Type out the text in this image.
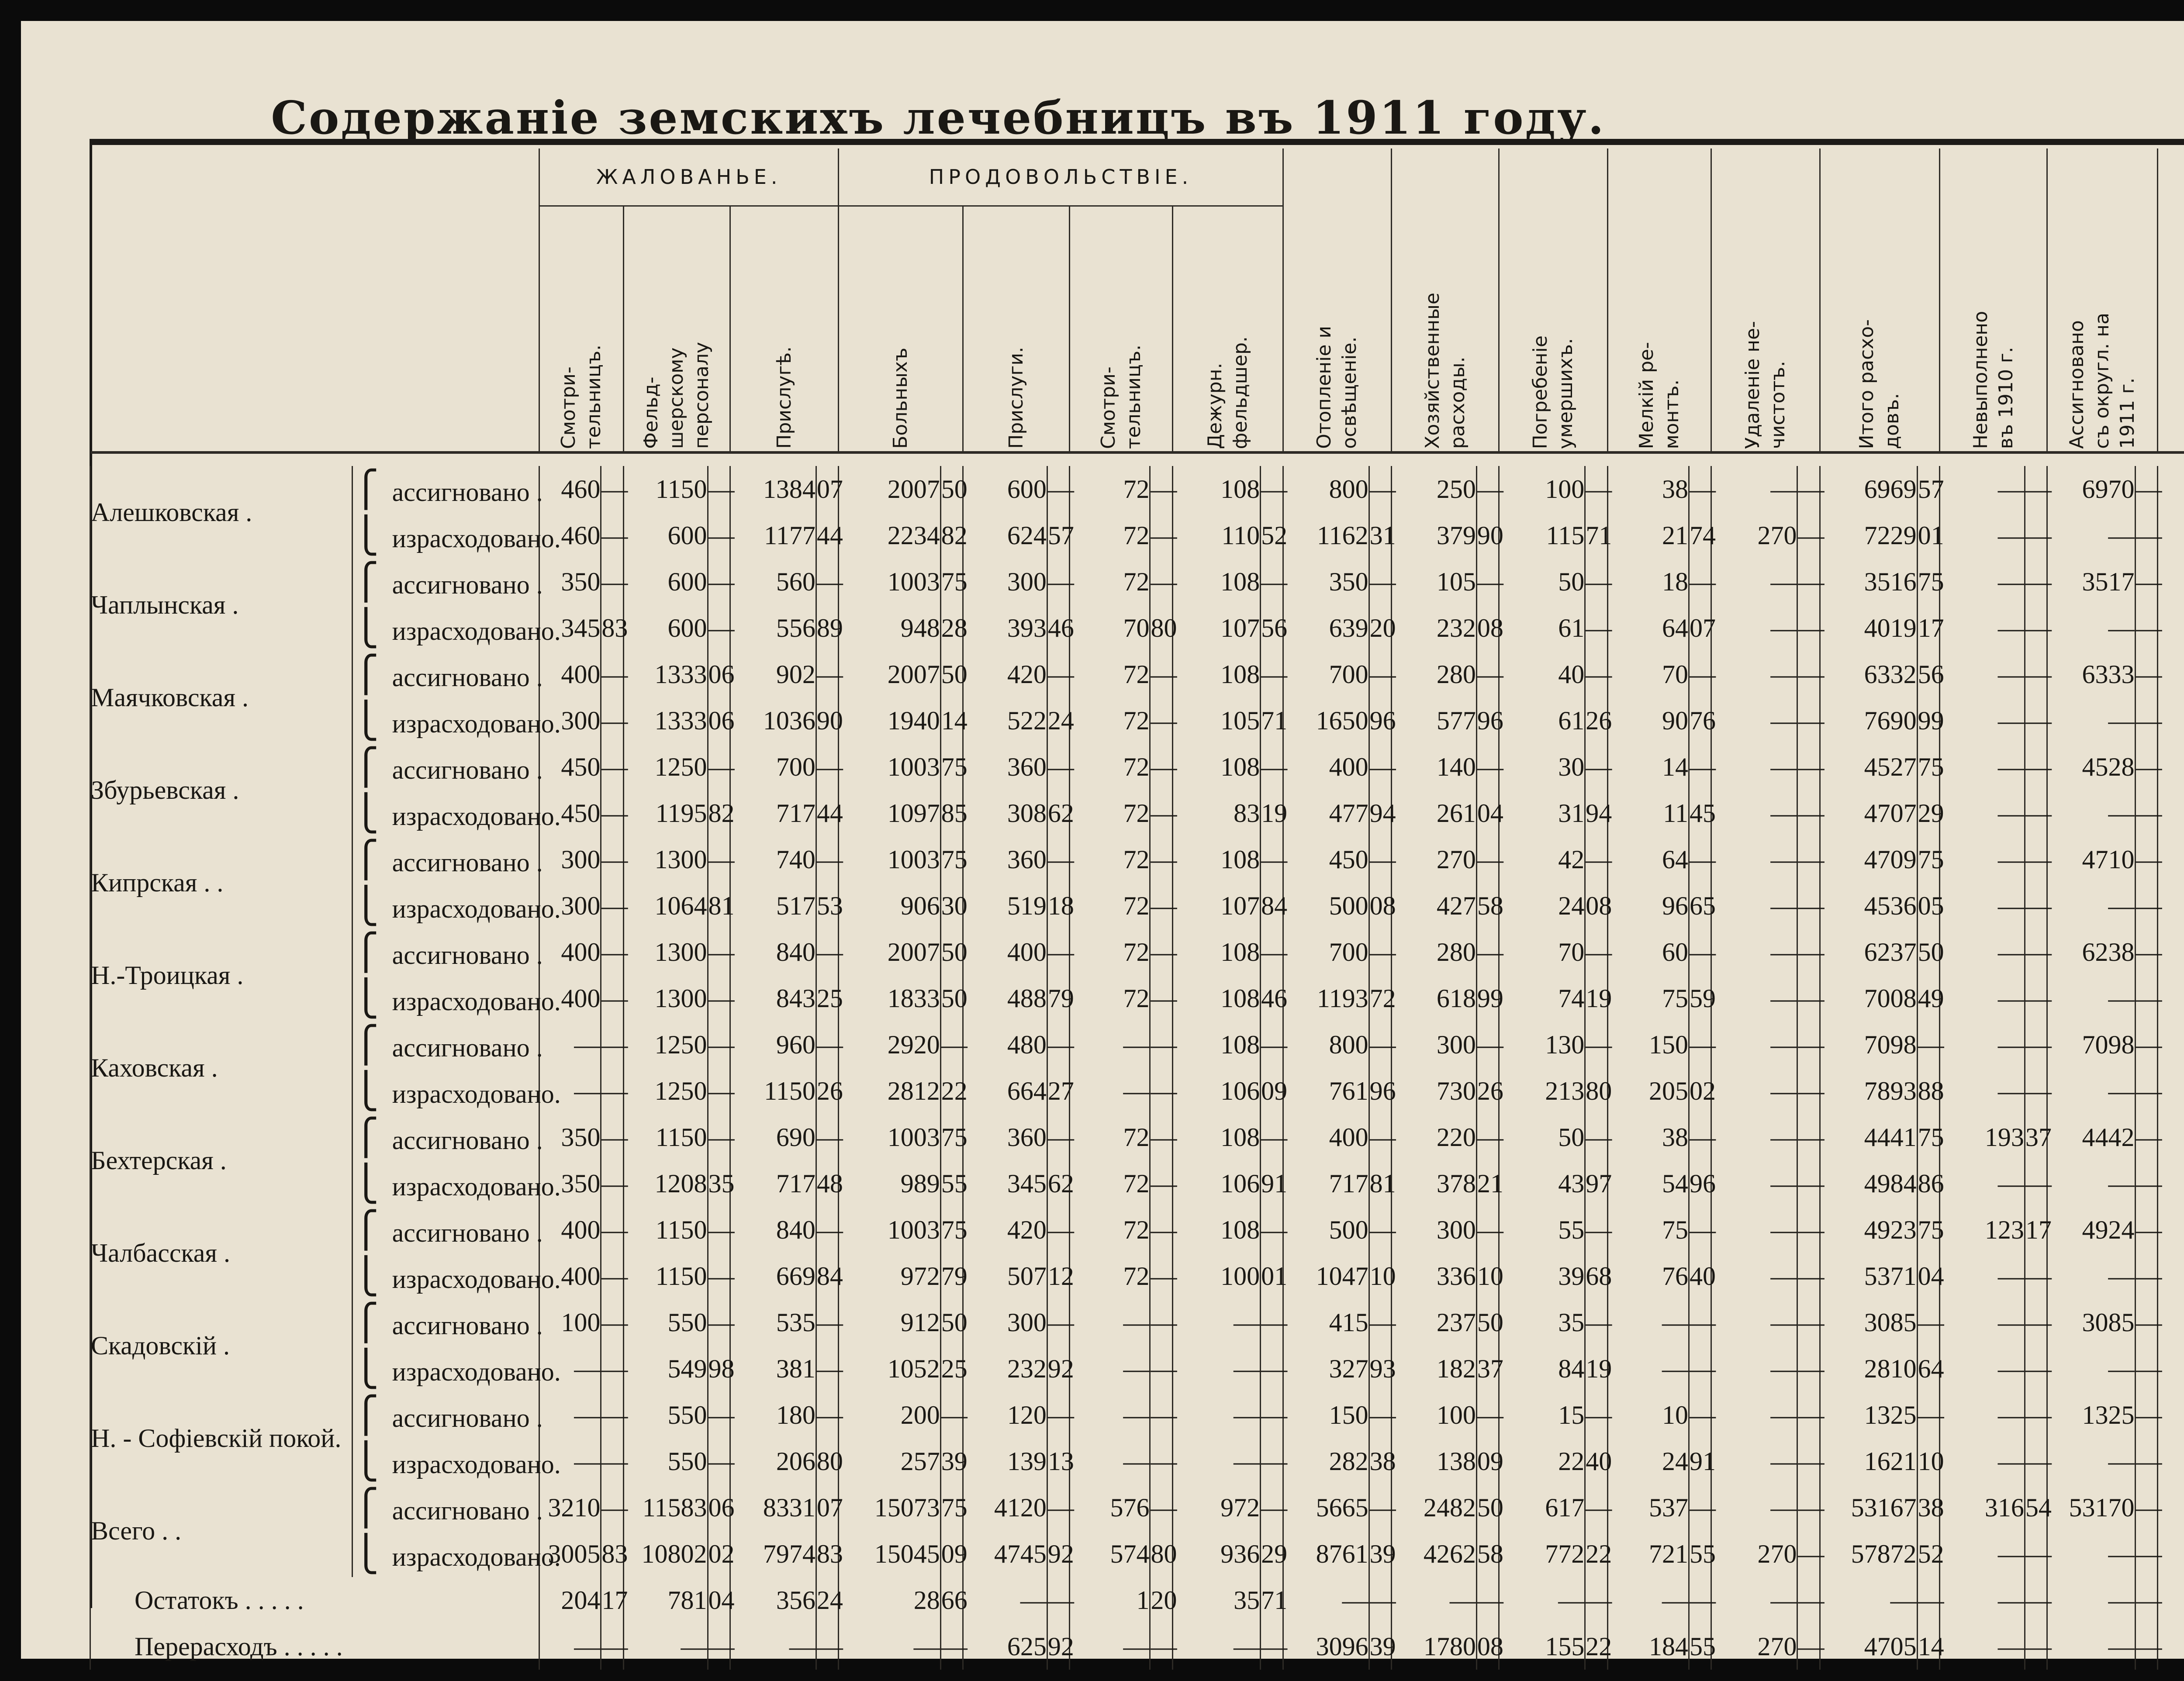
Содержаніе земскихъ лечебницъ въ 1911 году.
		ЖАЛОВАНЬЕ.						ПРОДОВОЛЬСТВІЕ.								Отопленіе и
освѣщеніе.		Хозяйственные
расходы.		Погребеніе
умершихъ.		Мелкій ре-
монтъ.		Удаленіе не-
чистотъ.		Итого расхо-
довъ.		Невыполнено
въ 1910 г.		Ассигновано
съ округл. на
1911 г.			
		Смотри-
тельницъ.		Фельд-
шерскому
персоналу		Прислугѣ.		Больныхъ		Прислуги.		Смотри-
тельницъ.		Дежурн.
фельдшер.																							

Алешковская .	⎧ ассигновано .	460	—	1150	—	1384	07	2007	50	600	—	72	—	108	—	800	—	250	—	100	—	38	—	—	—	6969	57	—	—	6970	—						
	⎩ израсходовано.	460	—	600	—	1177	44	2234	82	624	57	72	—	110	52	1162	31	379	90	115	71	21	74	270	—	7229	01	—	—	—	—						
Чаплынская .	⎧ ассигновано .	350	—	600	—	560	—	1003	75	300	—	72	—	108	—	350	—	105	—	50	—	18	—	—	—	3516	75	—	—	3517	—						
	⎩ израсходовано.	345	83	600	—	556	89	948	28	393	46	70	80	107	56	639	20	232	08	61	—	64	07	—	—	4019	17	—	—	—	—						
Маячковская .	⎧ ассигновано .	400	—	1333	06	902	—	2007	50	420	—	72	—	108	—	700	—	280	—	40	—	70	—	—	—	6332	56	—	—	6333	—						
	⎩ израсходовано.	300	—	1333	06	1036	90	1940	14	522	24	72	—	105	71	1650	96	577	96	61	26	90	76	—	—	7690	99	—	—	—	—						
Збурьевская .	⎧ ассигновано .	450	—	1250	—	700	—	1003	75	360	—	72	—	108	—	400	—	140	—	30	—	14	—	—	—	4527	75	—	—	4528	—						
	⎩ израсходовано.	450	—	1195	82	717	44	1097	85	308	62	72	—	83	19	477	94	261	04	31	94	11	45	—	—	4707	29	—	—	—	—						
Кипрская . .	⎧ ассигновано .	300	—	1300	—	740	—	1003	75	360	—	72	—	108	—	450	—	270	—	42	—	64	—	—	—	4709	75	—	—	4710	—						
	⎩ израсходовано.	300	—	1064	81	517	53	906	30	519	18	72	—	107	84	500	08	427	58	24	08	96	65	—	—	4536	05	—	—	—	—						
Н.-Троицкая .	⎧ ассигновано .	400	—	1300	—	840	—	2007	50	400	—	72	—	108	—	700	—	280	—	70	—	60	—	—	—	6237	50	—	—	6238	—						
	⎩ израсходовано.	400	—	1300	—	843	25	1833	50	488	79	72	—	108	46	1193	72	618	99	74	19	75	59	—	—	7008	49	—	—	—	—						
Каховская .	⎧ ассигновано .	—	—	1250	—	960	—	2920	—	480	—	—	—	108	—	800	—	300	—	130	—	150	—	—	—	7098	—	—	—	7098	—						
	⎩ израсходовано.	—	—	1250	—	1150	26	2812	22	664	27	—	—	106	09	761	96	730	26	213	80	205	02	—	—	7893	88	—	—	—	—						
Бехтерская .	⎧ ассигновано .	350	—	1150	—	690	—	1003	75	360	—	72	—	108	—	400	—	220	—	50	—	38	—	—	—	4441	75	193	37	4442	—						
	⎩ израсходовано.	350	—	1208	35	717	48	989	55	345	62	72	—	106	91	717	81	378	21	43	97	54	96	—	—	4984	86	—	—	—	—						
Чалбасская .	⎧ ассигновано .	400	—	1150	—	840	—	1003	75	420	—	72	—	108	—	500	—	300	—	55	—	75	—	—	—	4923	75	123	17	4924	—						
	⎩ израсходовано.	400	—	1150	—	669	84	972	79	507	12	72	—	100	01	1047	10	336	10	39	68	76	40	—	—	5371	04	—	—	—	—						
Скадовскій .	⎧ ассигновано .	100	—	550	—	535	—	912	50	300	—	—	—	—	—	415	—	237	50	35	—	—	—	—	—	3085	—	—	—	3085	—						
	⎩ израсходовано.	—	—	549	98	381	—	1052	25	232	92	—	—	—	—	327	93	182	37	84	19	—	—	—	—	2810	64	—	—	—	—						
Н. - Софіевскій покой.	⎧ ассигновано .	—	—	550	—	180	—	200	—	120	—	—	—	—	—	150	—	100	—	15	—	10	—	—	—	1325	—	—	—	1325	—						
	⎩ израсходовано.	—	—	550	—	206	80	257	39	139	13	—	—	—	—	282	38	138	09	22	40	24	91	—	—	1621	10	—	—	—	—						
Всего . .	⎧ ассигновано .	3210	—	11583	06	8331	07	15073	75	4120	—	576	—	972	—	5665	—	2482	50	617	—	537	—	—	—	53167	38	316	54	53170	—						
	⎩ израсходовано.	3005	83	10802	02	7974	83	15045	09	4745	92	574	80	936	29	8761	39	4262	58	772	22	721	55	270	—	57872	52	—	—	—	—						
Остатокъ . . . . .		204	17	781	04	356	24	28	66	—	—	1	20	35	71	—	—	—	—	—	—	—	—	—	—	—	—	—	—	—	—						
Перерасходъ . . . . .		—	—	—	—	—	—	—	—	625	92	—	—	—	—	3096	39	1780	08	155	22	184	55	270	—	4705	14	—	—	—	—						
